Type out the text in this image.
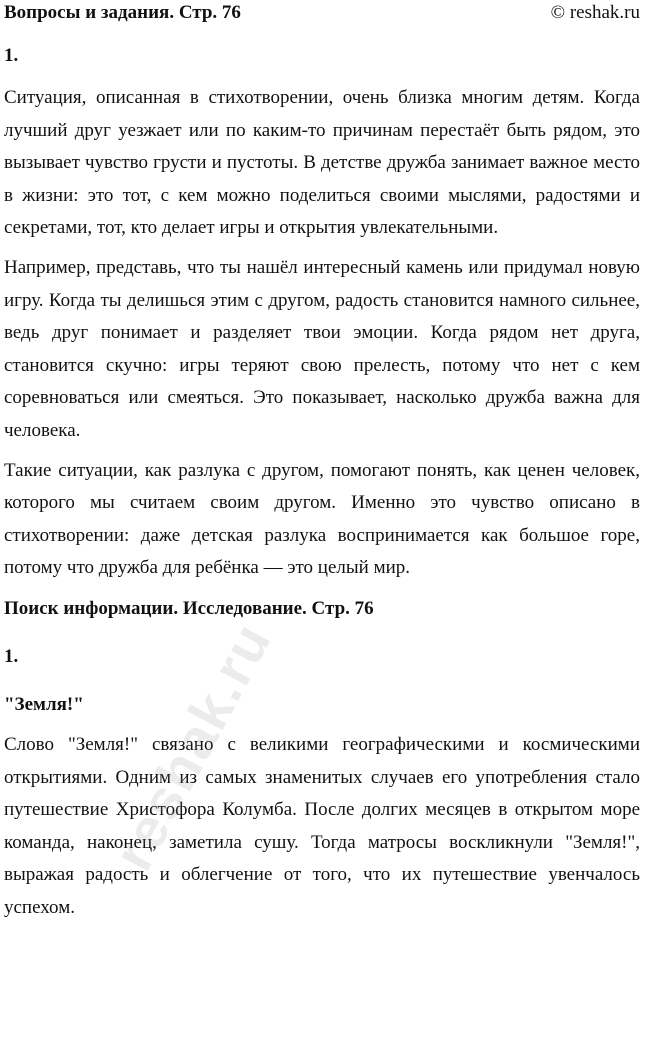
Вопросы и задания. Стр. 76	© reshak.ru
1.

Ситуация, описанная в стихотворении, очень близка многим детям. Когда лучший друг уезжает или по каким-то причинам перестаёт быть рядом, это вызывает чувство грусти и пустоты. В детстве дружба занимает важное место в жизни: это тот, с кем можно поделиться своими мыслями, радостями и секретами, тот, кто делает игры и открытия увлекательными.

Например, представь, что ты нашёл интересный камень или придумал новую игру. Когда ты делишься этим с другом, радость становится намного сильнее, ведь друг понимает и разделяет твои эмоции. Когда рядом нет друга, становится скучно: игры теряют свою прелесть, потому что нет с кем соревноваться или смеяться. Это показывает, насколько дружба важна для человека.

Такие ситуации, как разлука с другом, помогают понять, как ценен человек, которого мы считаем своим другом. Именно это чувство описано в стихотворении: даже детская разлука воспринимается как большое горе, потому что дружба для ребёнка — это целый мир.

Поиск информации. Исследование. Стр. 76
1.
"Земля!"

Слово "Земля!" связано с великими географическими и космическими открытиями. Одним из самых знаменитых случаев его употребления стало путешествие Христофора Колумба. После долгих месяцев в открытом море команда, наконец, заметила сушу. Тогда матросы воскликнули "Земля!", выражая радость и облегчение от того, что их путешествие увенчалось успехом.

reshak.ru
